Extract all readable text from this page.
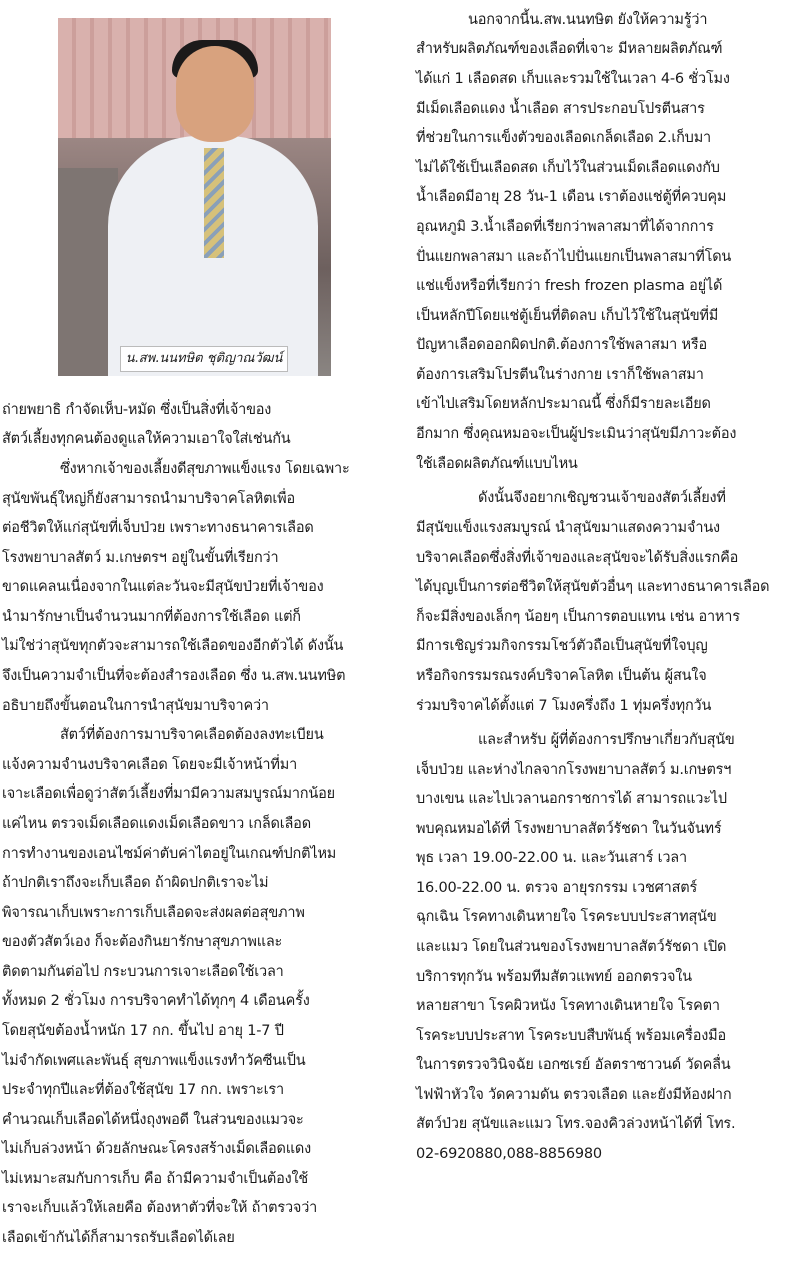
น.สพ.นนทษิต ชุติญาณวัฒน์
ถ่ายพยาธิ กำจัดเห็บ-หมัด ซึ่งเป็นสิ่งที่เจ้าของ
สัตว์เลี้ยงทุกคนต้องดูแลให้ความเอาใจใส่เช่นกัน
ซึ่งหากเจ้าของเลี้ยงดีสุขภาพแข็งแรง โดยเฉพาะ
สุนัขพันธุ์ใหญ่ก็ยังสามารถนำมาบริจาคโลหิตเพื่อ
ต่อชีวิตให้แก่สุนัขที่เจ็บป่วย เพราะทางธนาคารเลือด
โรงพยาบาลสัตว์ ม.เกษตรฯ อยู่ในขั้นที่เรียกว่า
ขาดแคลนเนื่องจากในแต่ละวันจะมีสุนัขป่วยที่เจ้าของ
นำมารักษาเป็นจำนวนมากที่ต้องการใช้เลือด แต่ก็
ไม่ใช่ว่าสุนัขทุกตัวจะสามารถใช้เลือดของอีกตัวได้ ดังนั้น
จึงเป็นความจำเป็นที่จะต้องสำรองเลือด ซึ่ง น.สพ.นนทษิต
อธิบายถึงขั้นตอนในการนำสุนัขมาบริจาคว่า
สัตว์ที่ต้องการมาบริจาคเลือดต้องลงทะเบียน
แจ้งความจำนงบริจาคเลือด โดยจะมีเจ้าหน้าที่มา
เจาะเลือดเพื่อดูว่าสัตว์เลี้ยงที่มามีความสมบูรณ์มากน้อย
แค่ไหน ตรวจเม็ดเลือดแดงเม็ดเลือดขาว เกล็ดเลือด
การทำงานของเอนไซม์ค่าตับค่าไตอยู่ในเกณฑ์ปกติไหม
ถ้าปกติเราถึงจะเก็บเลือด ถ้าผิดปกติเราจะไม่
พิจารณาเก็บเพราะการเก็บเลือดจะส่งผลต่อสุขภาพ
ของตัวสัตว์เอง ก็จะต้องกินยารักษาสุขภาพและ
ติดตามกันต่อไป กระบวนการเจาะเลือดใช้เวลา
ทั้งหมด 2 ชั่วโมง การบริจาคทำได้ทุกๆ 4 เดือนครั้ง
โดยสุนัขต้องน้ำหนัก 17 กก. ขึ้นไป อายุ 1-7 ปี
ไม่จำกัดเพศและพันธุ์ สุขภาพแข็งแรงทำวัคซีนเป็น
ประจำทุกปีและที่ต้องใช้สุนัข 17 กก. เพราะเรา
คำนวณเก็บเลือดได้หนึ่งถุงพอดี ในส่วนของแมวจะ
ไม่เก็บล่วงหน้า ด้วยลักษณะโครงสร้างเม็ดเลือดแดง
ไม่เหมาะสมกับการเก็บ คือ ถ้ามีความจำเป็นต้องใช้
เราจะเก็บแล้วให้เลยคือ ต้องหาตัวที่จะให้ ถ้าตรวจว่า
เลือดเข้ากันได้ก็สามารถรับเลือดได้เลย
นอกจากนี้น.สพ.นนทษิต ยังให้ความรู้ว่า
สำหรับผลิตภัณฑ์ของเลือดที่เจาะ มีหลายผลิตภัณฑ์
ได้แก่ 1 เลือดสด เก็บและรวมใช้ในเวลา 4-6 ชั่วโมง
มีเม็ดเลือดแดง น้ำเลือด สารประกอบโปรตีนสาร
ที่ช่วยในการแข็งตัวของเลือดเกล็ดเลือด 2.เก็บมา
ไม่ได้ใช้เป็นเลือดสด เก็บไว้ในส่วนเม็ดเลือดแดงกับ
น้ำเลือดมีอายุ 28 วัน-1 เดือน เราต้องแช่ตู้ที่ควบคุม
อุณหภูมิ 3.น้ำเลือดที่เรียกว่าพลาสมาที่ได้จากการ
ปั่นแยกพลาสมา และถ้าไปปั่นแยกเป็นพลาสมาที่โดน
แช่แข็งหรือที่เรียกว่า fresh frozen plasma อยู่ได้
เป็นหลักปีโดยแช่ตู้เย็นที่ติดลบ เก็บไว้ใช้ในสุนัขที่มี
ปัญหาเลือดออกผิดปกติ.ต้องการใช้พลาสมา หรือ
ต้องการเสริมโปรตีนในร่างกาย เราก็ใช้พลาสมา
เข้าไปเสริมโดยหลักประมาณนี้ ซึ่งก็มีรายละเอียด
อีกมาก ซึ่งคุณหมอจะเป็นผู้ประเมินว่าสุนัขมีภาวะต้อง
ใช้เลือดผลิตภัณฑ์แบบไหน
ดังนั้นจึงอยากเชิญชวนเจ้าของสัตว์เลี้ยงที่
มีสุนัขแข็งแรงสมบูรณ์ นำสุนัขมาแสดงความจำนง
บริจาคเลือดซึ่งสิ่งที่เจ้าของและสุนัขจะได้รับสิ่งแรกคือ
ได้บุญเป็นการต่อชีวิตให้สุนัขตัวอื่นๆ และทางธนาคารเลือด
ก็จะมีสิ่งของเล็กๆ น้อยๆ เป็นการตอบแทน เช่น อาหาร
มีการเชิญร่วมกิจกรรมโชว์ตัวถือเป็นสุนัขที่ใจบุญ
หรือกิจกรรมรณรงค์บริจาคโลหิต เป็นต้น ผู้สนใจ
ร่วมบริจาคได้ตั้งแต่ 7 โมงครึ่งถึง 1 ทุ่มครึ่งทุกวัน
และสำหรับ ผู้ที่ต้องการปรึกษาเกี่ยวกับสุนัข
เจ็บป่วย และห่างไกลจากโรงพยาบาลสัตว์ ม.เกษตรฯ
บางเขน และไปเวลานอกราชการได้ สามารถแวะไป
พบคุณหมอได้ที่ โรงพยาบาลสัตว์รัชดา ในวันจันทร์
พุธ เวลา 19.00-22.00 น. และวันเสาร์ เวลา
16.00-22.00 น. ตรวจ อายุรกรรม เวชศาสตร์
ฉุกเฉิน โรคทางเดินหายใจ โรคระบบประสาทสุนัข
และแมว โดยในส่วนของโรงพยาบาลสัตว์รัชดา เปิด
บริการทุกวัน พร้อมทีมสัตวแพทย์ ออกตรวจใน
หลายสาขา โรคผิวหนัง โรคทางเดินหายใจ โรคตา
โรคระบบประสาท โรคระบบสืบพันธุ์ พร้อมเครื่องมือ
ในการตรวจวินิจฉัย เอกซเรย์ อัลตราซาวนด์ วัดคลื่น
ไฟฟ้าหัวใจ วัดความดัน ตรวจเลือด และยังมีห้องฝาก
สัตว์ป่วย สุนัขและแมว โทร.จองคิวล่วงหน้าได้ที่ โทร.
02-6920880,088-8856980
